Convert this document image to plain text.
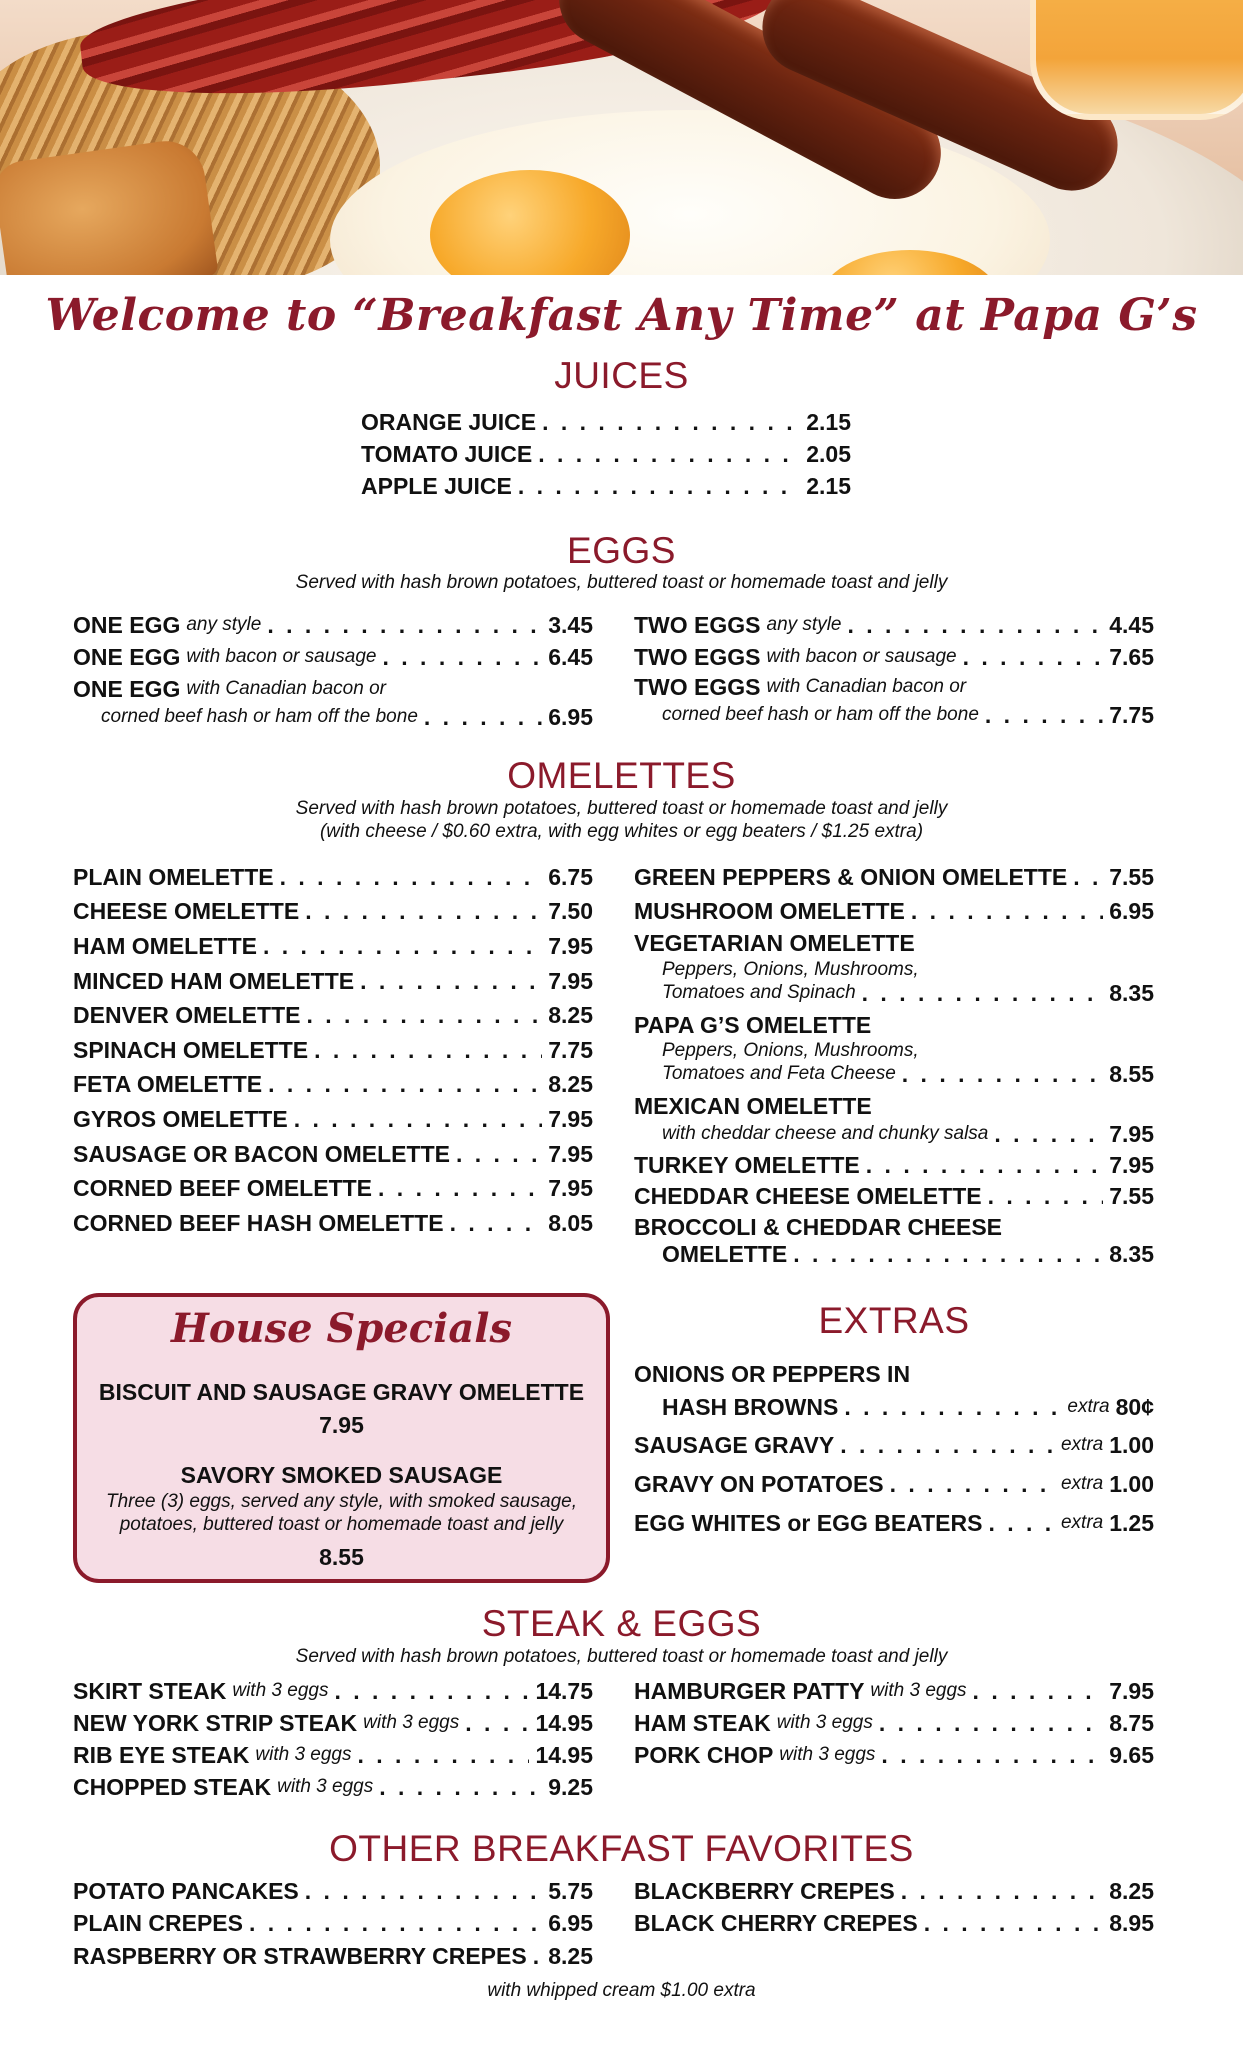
Welcome to “Breakfast Any Time” at Papa G’s
JUICES
ORANGE JUICE . . .	2.15
TOMATO JUICE . . .	2.05
APPLE JUICE . . .	2.15
EGGS
Served with hash brown potatoes, buttered toast or homemade toast and jelly
ONE EGG any style . . .	3.45
ONE EGG with bacon or sausage . . .	6.45
ONE EGG with Canadian bacon or
corned beef hash or ham off the bone . . .	6.95
TWO EGGS any style . . .	4.45
TWO EGGS with bacon or sausage . . .	7.65
TWO EGGS with Canadian bacon or
corned beef hash or ham off the bone . . .	7.75
OMELETTES
Served with hash brown potatoes, buttered toast or homemade toast and jelly
(with cheese / $0.60 extra, with egg whites or egg beaters / $1.25 extra)
PLAIN OMELETTE . . .	6.75
CHEESE OMELETTE . . .	7.50
HAM OMELETTE . . .	7.95
MINCED HAM OMELETTE . . .	7.95
DENVER OMELETTE . . .	8.25
SPINACH OMELETTE . . .	7.75
FETA OMELETTE . . .	8.25
GYROS OMELETTE . . .	7.95
SAUSAGE OR BACON OMELETTE . . .	7.95
CORNED BEEF OMELETTE . . .	7.95
CORNED BEEF HASH OMELETTE . . .	8.05
GREEN PEPPERS & ONION OMELETTE . . . 7.55
MUSHROOM OMELETTE . . .	6.95
VEGETARIAN OMELETTE
Peppers, Onions, Mushrooms,
Tomatoes and Spinach . . .	8.35
PAPA G’S OMELETTE
Peppers, Onions, Mushrooms,
Tomatoes and Feta Cheese . . .	8.55
MEXICAN OMELETTE
with cheddar cheese and chunky salsa . . .	7.95
TURKEY OMELETTE . . .	7.95
CHEDDAR CHEESE OMELETTE . . .	7.55
BROCCOLI & CHEDDAR CHEESE
OMELETTE . . .	8.35
House Specials
BISCUIT AND SAUSAGE GRAVY OMELETTE
7.95
SAVORY SMOKED SAUSAGE
Three (3) eggs, served any style, with smoked sausage,
potatoes, buttered toast or homemade toast and jelly
8.55
EXTRAS
ONIONS OR PEPPERS IN
HASH BROWNS . . .	extra 80¢
SAUSAGE GRAVY . . .	extra 1.00
GRAVY ON POTATOES . . .	extra 1.00
EGG WHITES or EGG BEATERS . . .	extra 1.25
STEAK & EGGS
Served with hash brown potatoes, buttered toast or homemade toast and jelly
SKIRT STEAK with 3 eggs . . .	14.75
NEW YORK STRIP STEAK with 3 eggs . . .	14.95
RIB EYE STEAK with 3 eggs . . .	14.95
CHOPPED STEAK with 3 eggs . . .	9.25
HAMBURGER PATTY with 3 eggs . . .	7.95
HAM STEAK with 3 eggs . . .	8.75
PORK CHOP with 3 eggs . . .	9.65
OTHER BREAKFAST FAVORITES
POTATO PANCAKES . . .	5.75
PLAIN CREPES . . .	6.95
RASPBERRY OR STRAWBERRY CREPES . . . 8.25
BLACKBERRY CREPES . . .	8.25
BLACK CHERRY CREPES . . .	8.95
with whipped cream $1.00 extra
